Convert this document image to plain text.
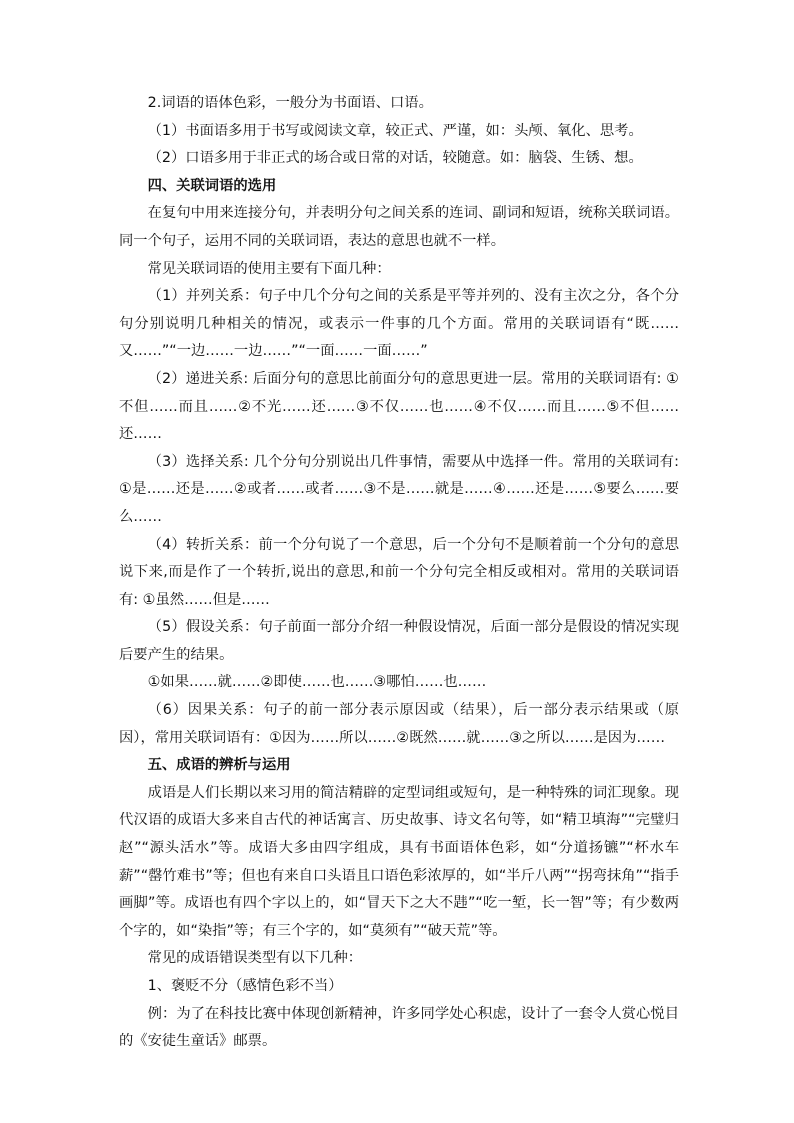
2.词语的语体色彩，一般分为书面语、口语。

（1）书面语多用于书写或阅读文章，较正式、严谨，如：头颅、氧化、思考。

（2）口语多用于非正式的场合或日常的对话，较随意。如：脑袋、生锈、想。

四、关联词语的选用

在复句中用来连接分句，并表明分句之间关系的连词、副词和短语，统称关联词语。同一个句子，运用不同的关联词语，表达的意思也就不一样。

常见关联词语的使用主要有下面几种：

（1）并列关系：句子中几个分句之间的关系是平等并列的、没有主次之分，各个分句分别说明几种相关的情况，或表示一件事的几个方面。常用的关联词语有“既……又……”“一边……一边……”“一面……一面……”

（2）递进关系: 后面分句的意思比前面分句的意思更进一层。常用的关联词语有: ①不但……而且……②不光……还……③不仅……也……④不仅……而且……⑤不但……还……

（3）选择关系: 几个分句分别说出几件事情，需要从中选择一件。常用的关联词有: ①是……还是……②或者……或者……③不是……就是……④……还是……⑤要么……要么……

（4）转折关系：前一个分句说了一个意思，后一个分句不是顺着前一个分句的意思说下来,而是作了一个转折,说出的意思,和前一个分句完全相反或相对。常用的关联词语有: ①虽然……但是……

（5）假设关系：句子前面一部分介绍一种假设情况，后面一部分是假设的情况实现后要产生的结果。

①如果……就……②即使……也……③哪怕……也……

（6）因果关系：句子的前一部分表示原因或（结果），后一部分表示结果或（原因），常用关联词语有：①因为……所以……②既然……就……③之所以……是因为……

五、成语的辨析与运用

成语是人们长期以来习用的简洁精辟的定型词组或短句，是一种特殊的词汇现象。现代汉语的成语大多来自古代的神话寓言、历史故事、诗文名句等，如“精卫填海”“完璧归赵”“源头活水”等。成语大多由四字组成，具有书面语体色彩，如“分道扬镳”“杯水车薪”“罄竹难书”等；但也有来自口头语且口语色彩浓厚的，如“半斤八两”“拐弯抹角”“指手画脚”等。成语也有四个字以上的，如“冒天下之大不韪”“吃一堑，长一智”等；有少数两个字的，如“染指”等；有三个字的，如“莫须有”“破天荒”等。

常见的成语错误类型有以下几种：

1、褒贬不分（感情色彩不当）

例：为了在科技比赛中体现创新精神，许多同学处心积虑，设计了一套令人赏心悦目的《安徒生童话》邮票。
